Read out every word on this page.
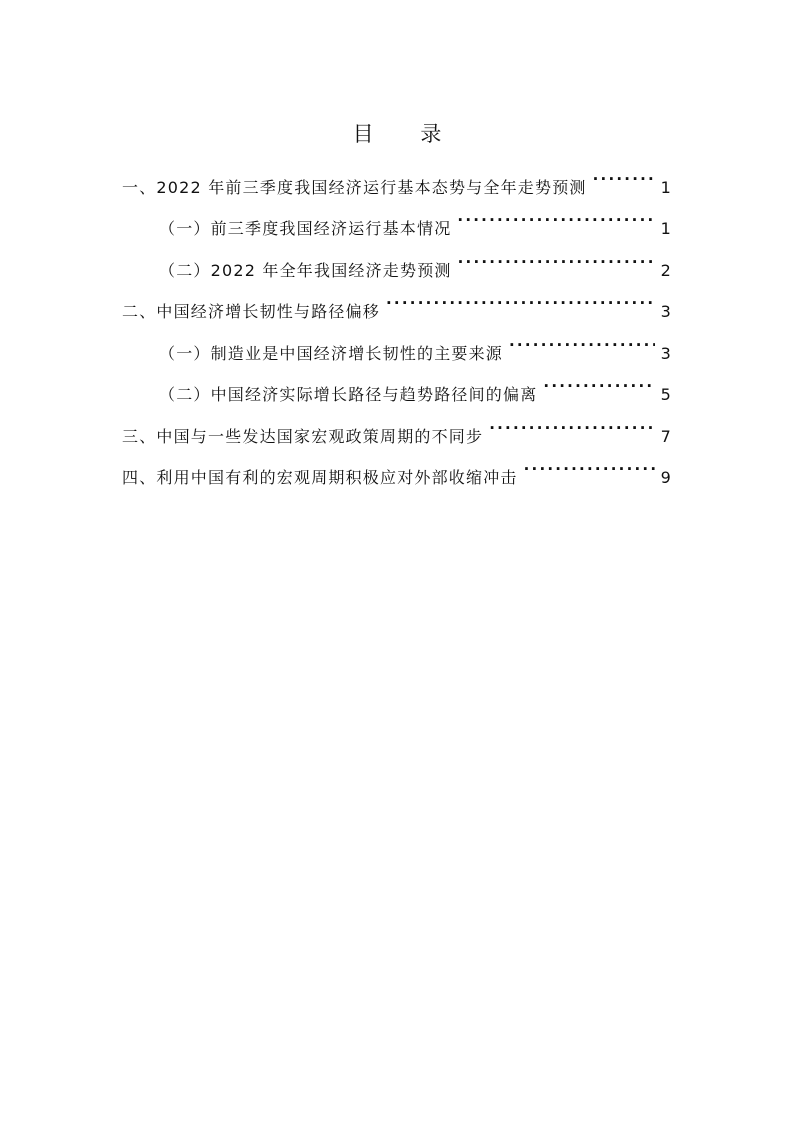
目 录
一、2022 年前三季度我国经济运行基本态势与全年走势预测 . . .	1
（一）前三季度我国经济运行基本情况 . . .	1
（二）2022 年全年我国经济走势预测 . . .	2
二、中国经济增长韧性与路径偏移 . . .	3
（一）制造业是中国经济增长韧性的主要来源 . . .	3
（二）中国经济实际增长路径与趋势路径间的偏离 . . .	5
三、中国与一些发达国家宏观政策周期的不同步 . . .	7
四、利用中国有利的宏观周期积极应对外部收缩冲击 . . .	9
